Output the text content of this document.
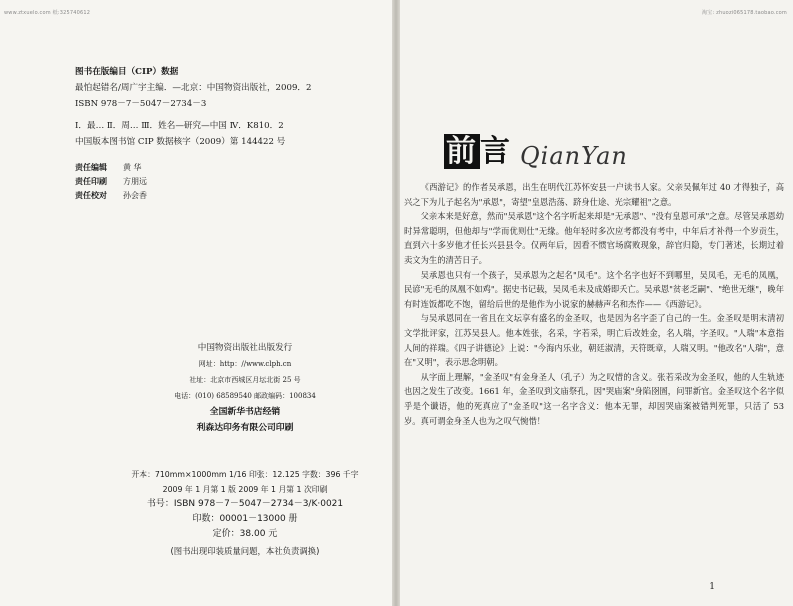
www.ztxuelo.com 纸:325740612
图书在版编目（CIP）数据
最怕起错名/周广宇主编．—北京：中国物资出版社，2009．2
ISBN 978－7－5047－2734－3
Ⅰ．最… Ⅱ．周… Ⅲ．姓名—研究—中国 Ⅳ．K810．2
中国版本图书馆 CIP 数据核字（2009）第 144422 号
责任编辑	黄 华
责任印刷	方朋远
责任校对	孙会香
中国物资出版社出版发行
网址：http：//www.clph.cn
社址：北京市西城区月坛北街 25 号
电话：(010) 68589540 邮政编码：100834
全国新华书店经销
利森达印务有限公司印刷
开本：710mm×1000mm 1/16 印张：12.125 字数：396 千字
2009 年 1 月第 1 版 2009 年 1 月第 1 次印刷
书号：ISBN 978－7－5047－2734－3/K·0021
印数：00001－13000 册
定价：38.00 元
(图书出现印装质量问题，本社负责调换)
淘宝: zhuozi065178.taobao.com
前言 QianYan

《西游记》的作者吴承恩，出生在明代江苏怀安县一户读书人家。父亲吴佩年过 40 才得独子，高兴之下为儿子起名为"承恩"，寄望"皇恩浩荡、跻身仕途、光宗耀祖"之意。

父亲本来是好意，然而"吴承恩"这个名字听起来却是"无承恩"、"没有皇恩可承"之意。尽管吴承恩幼时异常聪明，但他却与"学而优则仕"无缘。他年轻时多次应考都没有考中，中年后才补得一个岁贡生，直到六十多岁他才任长兴县县令。仅两年后，因看不惯官场腐败现象，辞官归隐，专门著述，长期过着卖文为生的清苦日子。

吴承恩也只有一个孩子，吴承恩为之起名"凤毛"。这个名字也好不到哪里，吴凤毛，无毛的凤凰，民谚"无毛的凤凰不如鸡"。据史书记载，吴凤毛未及成婚即夭亡。吴承恩"贫老乏嗣"、"绝世无继"，晚年有时连饭都吃不饱，留给后世的是他作为小说家的赫赫声名和杰作——《西游记》。

与吴承恩同在一省且在文坛享有盛名的金圣叹，也是因为名字歪了自己的一生。金圣叹是明末清初文学批评家，江苏吴县人。他本姓张，名采，字若采，明亡后改姓金，名人瑞，字圣叹。"人瑞"本意指人间的祥瑞。《四子讲德论》上说："今海内乐业，朝廷淑清，天符既章，人瑞又明。"他改名"人瑞"，意在"又明"，表示思念明朝。

从字面上理解，"金圣叹"有金身圣人（孔子）为之叹惜的含义。张若采改为金圣叹，他的人生轨迹也因之发生了改变。1661 年，金圣叹到文庙祭孔，因"哭庙案"身陷囹圄，问罪新官。金圣叹这个名字似乎是个谶语，他的死真应了"金圣叹"这一名字含义：他本无罪，却因哭庙案被错判死罪，只活了 53 岁。真可谓金身圣人也为之叹气惋惜！

1
